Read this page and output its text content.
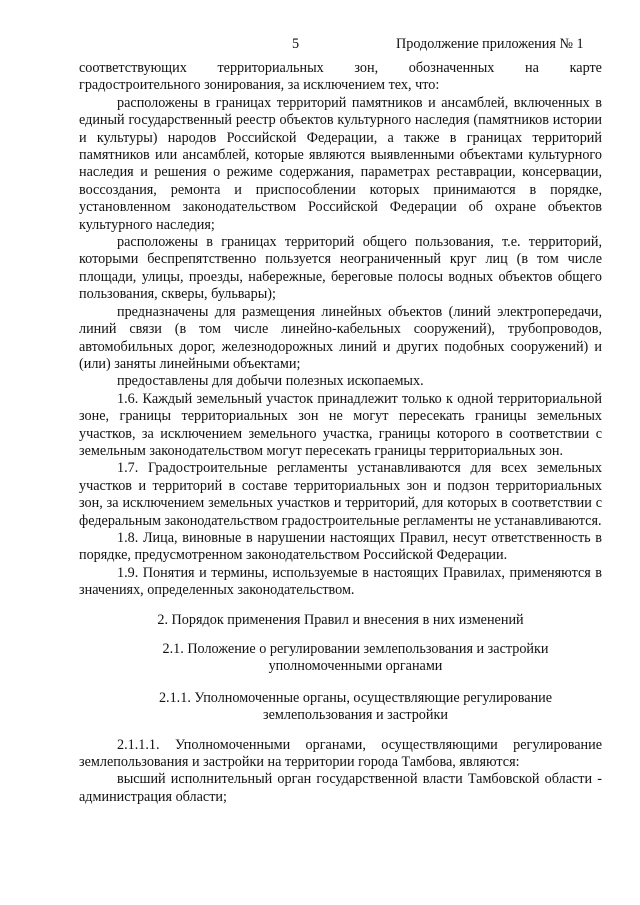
5	Продолжение приложения № 1

соответствующих территориальных зон, обозначенных на карте

градостроительного зонирования, за исключением тех, что:

расположены в границах территорий памятников и ансамблей, включенных в единый государственный реестр объектов культурного наследия (памятников истории и культуры) народов Российской Федерации, а также в границах территорий памятников или ансамблей, которые являются выявленными объектами культурного наследия и решения о режиме содержания, параметрах реставрации, консервации, воссоздания, ремонта и приспособлении которых принимаются в порядке, установленном законодательством Российской Федерации об охране объектов культурного наследия;

расположены в границах территорий общего пользования, т.е. территорий, которыми беспрепятственно пользуется неограниченный круг лиц (в том числе площади, улицы, проезды, набережные, береговые полосы водных объектов общего пользования, скверы, бульвары);

предназначены для размещения линейных объектов (линий электропередачи, линий связи (в том числе линейно-кабельных сооружений), трубопроводов, автомобильных дорог, железнодорожных линий и других подобных сооружений) и (или) заняты линейными объектами;

предоставлены для добычи полезных ископаемых.

1.6. Каждый земельный участок принадлежит только к одной территориальной зоне, границы территориальных зон не могут пересекать границы земельных участков, за исключением земельного участка, границы которого в соответствии с земельным законодательством могут пересекать границы территориальных зон.

1.7. Градостроительные регламенты устанавливаются для всех земельных участков и территорий в составе территориальных зон и подзон территориальных зон, за исключением земельных участков и территорий, для которых в соответствии с федеральным законодательством градостроительные регламенты не устанавливаются.

1.8. Лица, виновные в нарушении настоящих Правил, несут ответственность в порядке, предусмотренном законодательством Российской Федерации.

1.9. Понятия и термины, используемые в настоящих Правилах, применяются в значениях, определенных законодательством.

2. Порядок применения Правил и внесения в них изменений

2.1. Положение о регулировании землепользования и застройки уполномоченными органами

2.1.1. Уполномоченные органы, осуществляющие регулирование землепользования и застройки

2.1.1.1. Уполномоченными органами, осуществляющими регулирование землепользования и застройки на территории города Тамбова, являются:

высший исполнительный орган государственной власти Тамбовской области - администрация области;
